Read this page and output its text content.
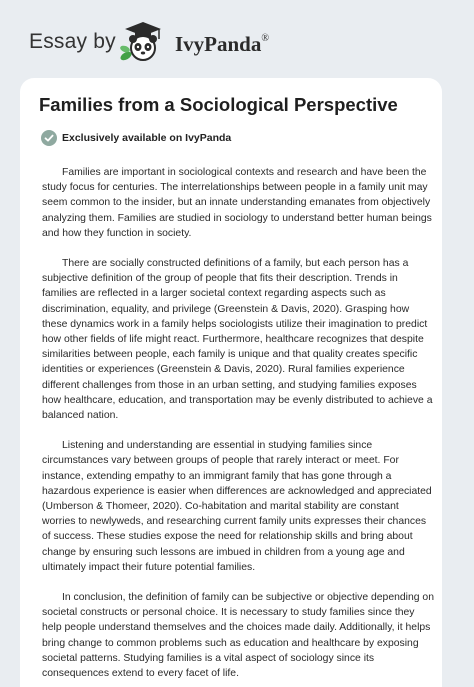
Essay by	IvyPanda®
Families from a Sociological Perspective
Exclusively available on IvyPanda

Families are important in sociological contexts and research and have been the study focus for centuries. The interrelationships between people in a family unit may seem common to the insider, but an innate understanding emanates from objectively analyzing them. Families are studied in sociology to understand better human beings and how they function in society.

There are socially constructed definitions of a family, but each person has a subjective definition of the group of people that fits their description. Trends in families are reflected in a larger societal context regarding aspects such as discrimination, equality, and privilege (Greenstein & Davis, 2020). Grasping how these dynamics work in a family helps sociologists utilize their imagination to predict how other fields of life might react. Furthermore, healthcare recognizes that despite similarities between people, each family is unique and that quality creates specific identities or experiences (Greenstein & Davis, 2020). Rural families experience different challenges from those in an urban setting, and studying families exposes how healthcare, education, and transportation may be evenly distributed to achieve a balanced nation.

Listening and understanding are essential in studying families since circumstances vary between groups of people that rarely interact or meet. For instance, extending empathy to an immigrant family that has gone through a hazardous experience is easier when differences are acknowledged and appreciated (Umberson & Thomeer, 2020). Co-habitation and marital stability are constant worries to newlyweds, and researching current family units expresses their chances of success. These studies expose the need for relationship skills and bring about change by ensuring such lessons are imbued in children from a young age and ultimately impact their future potential families.

In conclusion, the definition of family can be subjective or objective depending on societal constructs or personal choice. It is necessary to study families since they help people understand themselves and the choices made daily. Additionally, it helps bring change to common problems such as education and healthcare by exposing societal patterns. Studying families is a vital aspect of sociology since its consequences extend to every facet of life.
